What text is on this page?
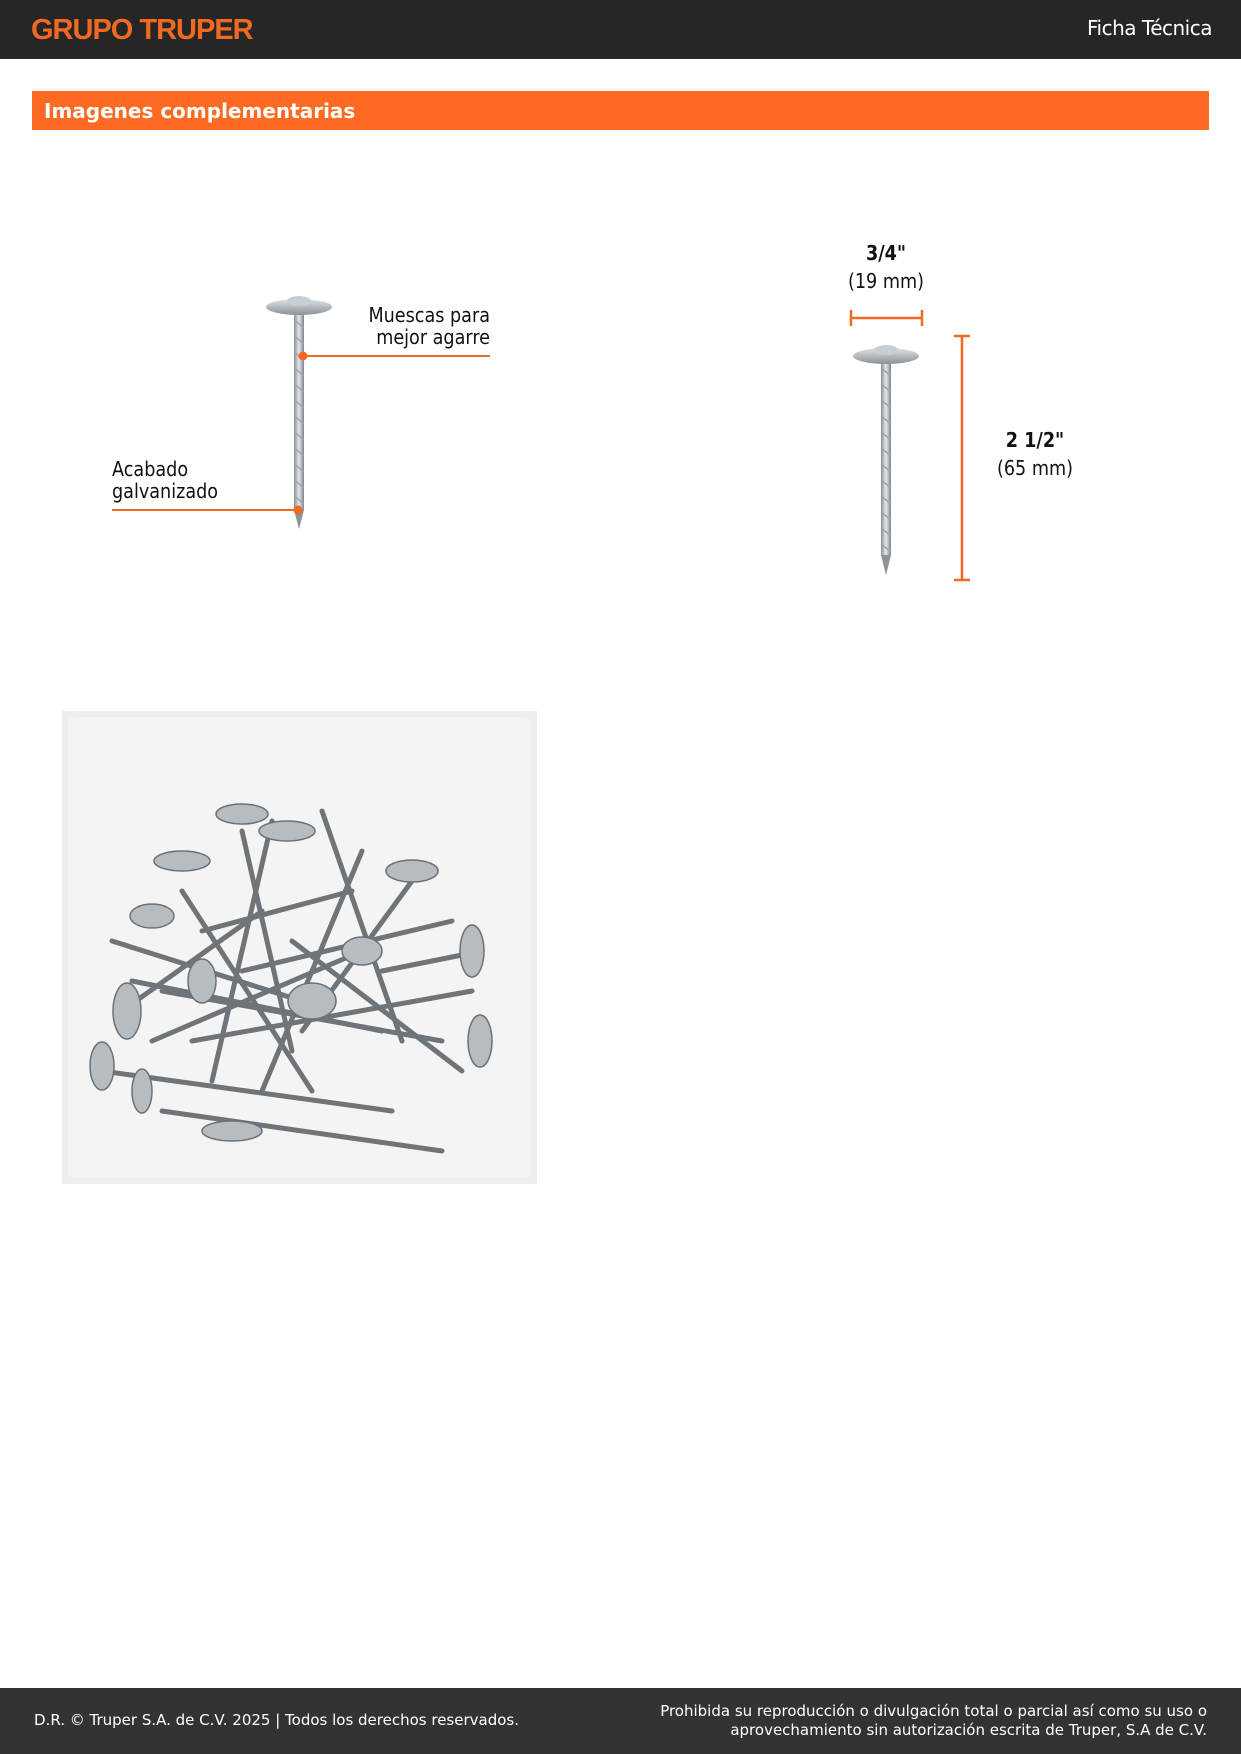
GRUPO TRUPER	Ficha Técnica
Imagenes complementarias
Muescas para
mejor agarre
Acabado
galvanizado
3/4"
(19 mm)
2 1/2"
(65 mm)
D.R. © Truper S.A. de C.V. 2025 | Todos los derechos reservados.	Prohibida su reproducción o divulgación total o parcial así como su uso o
aprovechamiento sin autorización escrita de Truper, S.A de C.V.
